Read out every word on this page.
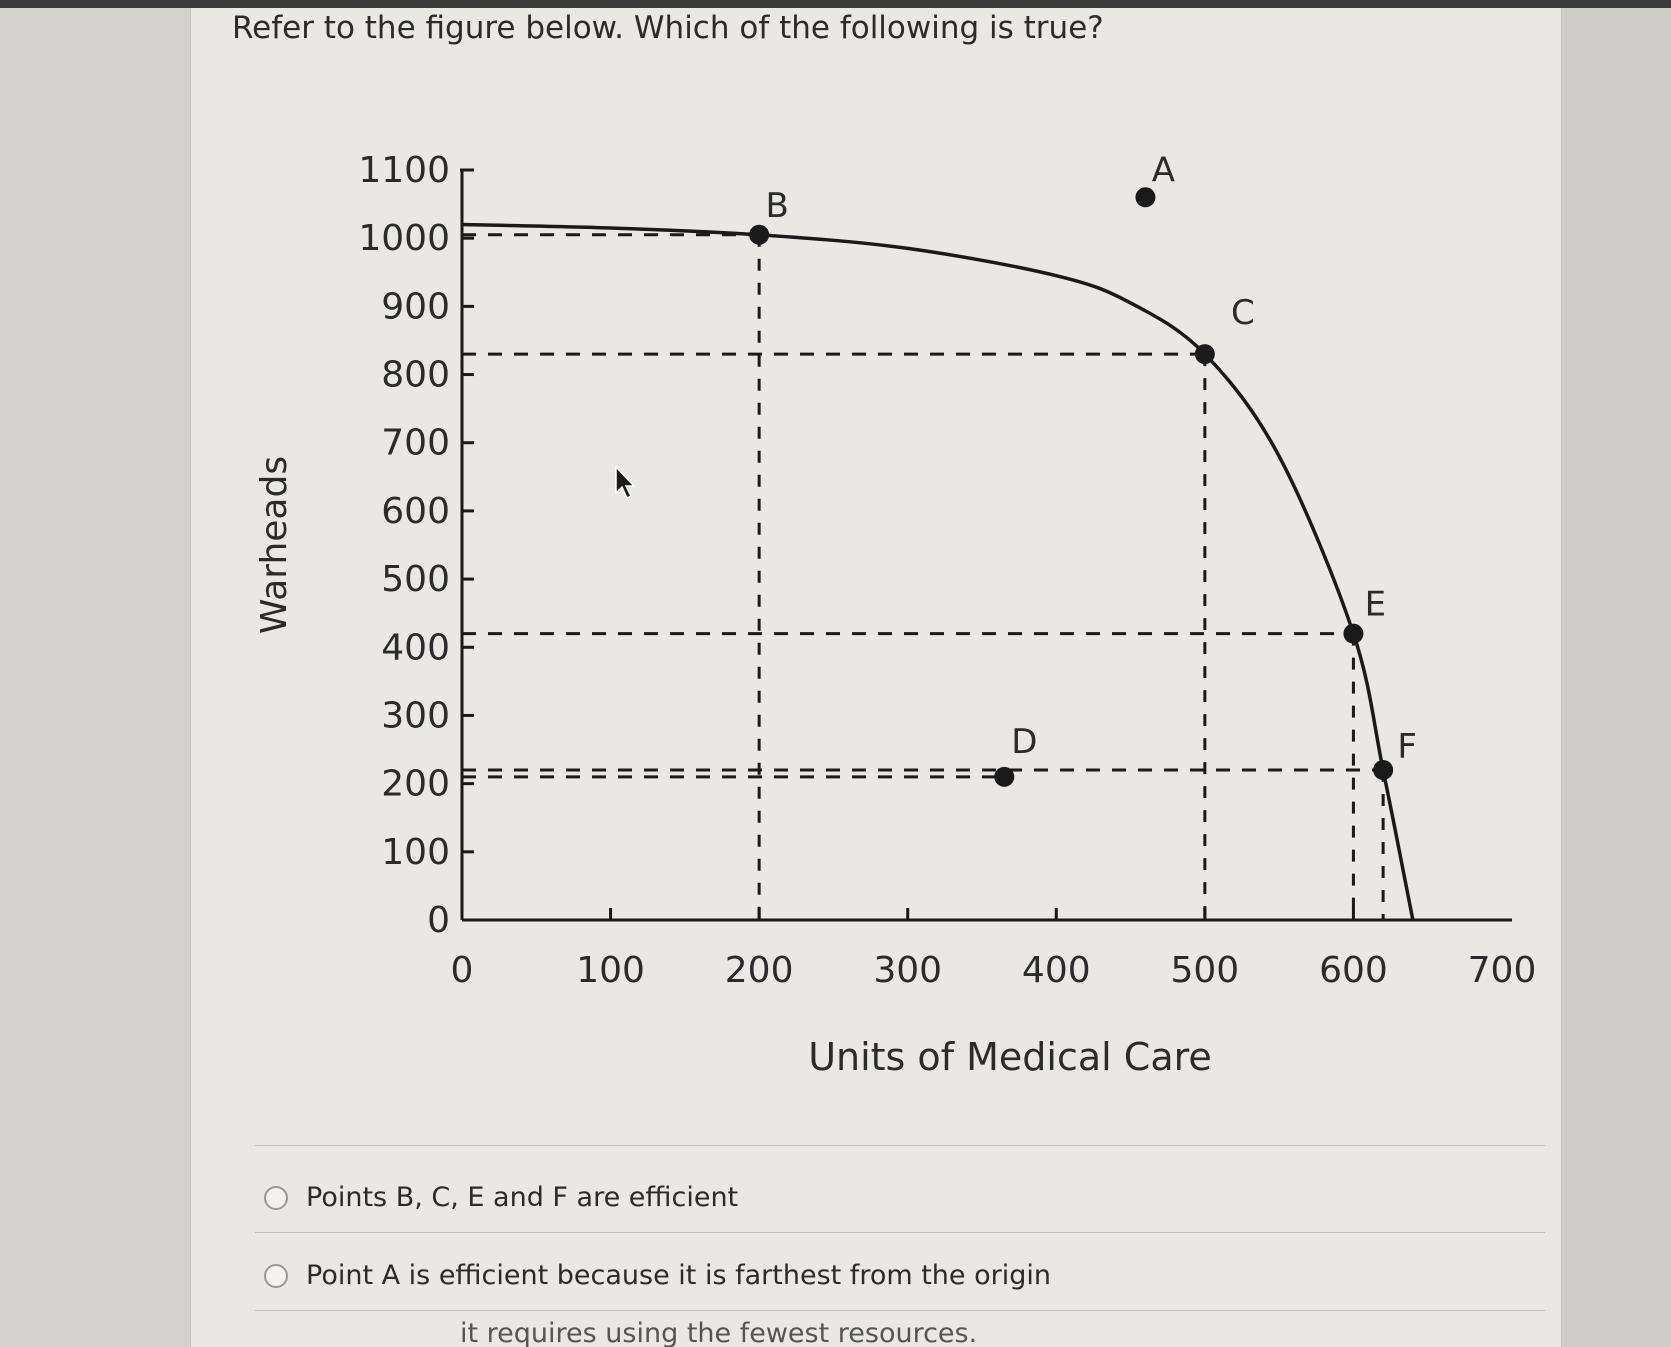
Refer to the figure below. Which of the following is true?
A
B
C
D
E
F
0
100
200
300
400
500
600
700
800
900
1000
1100
0	100 200 300 400 500 600 700
Units of Medical Care
Warheads
Points B, C, E and F are efficient
Point A is efficient because it is farthest from the origin
it requires using the fewest resources.
